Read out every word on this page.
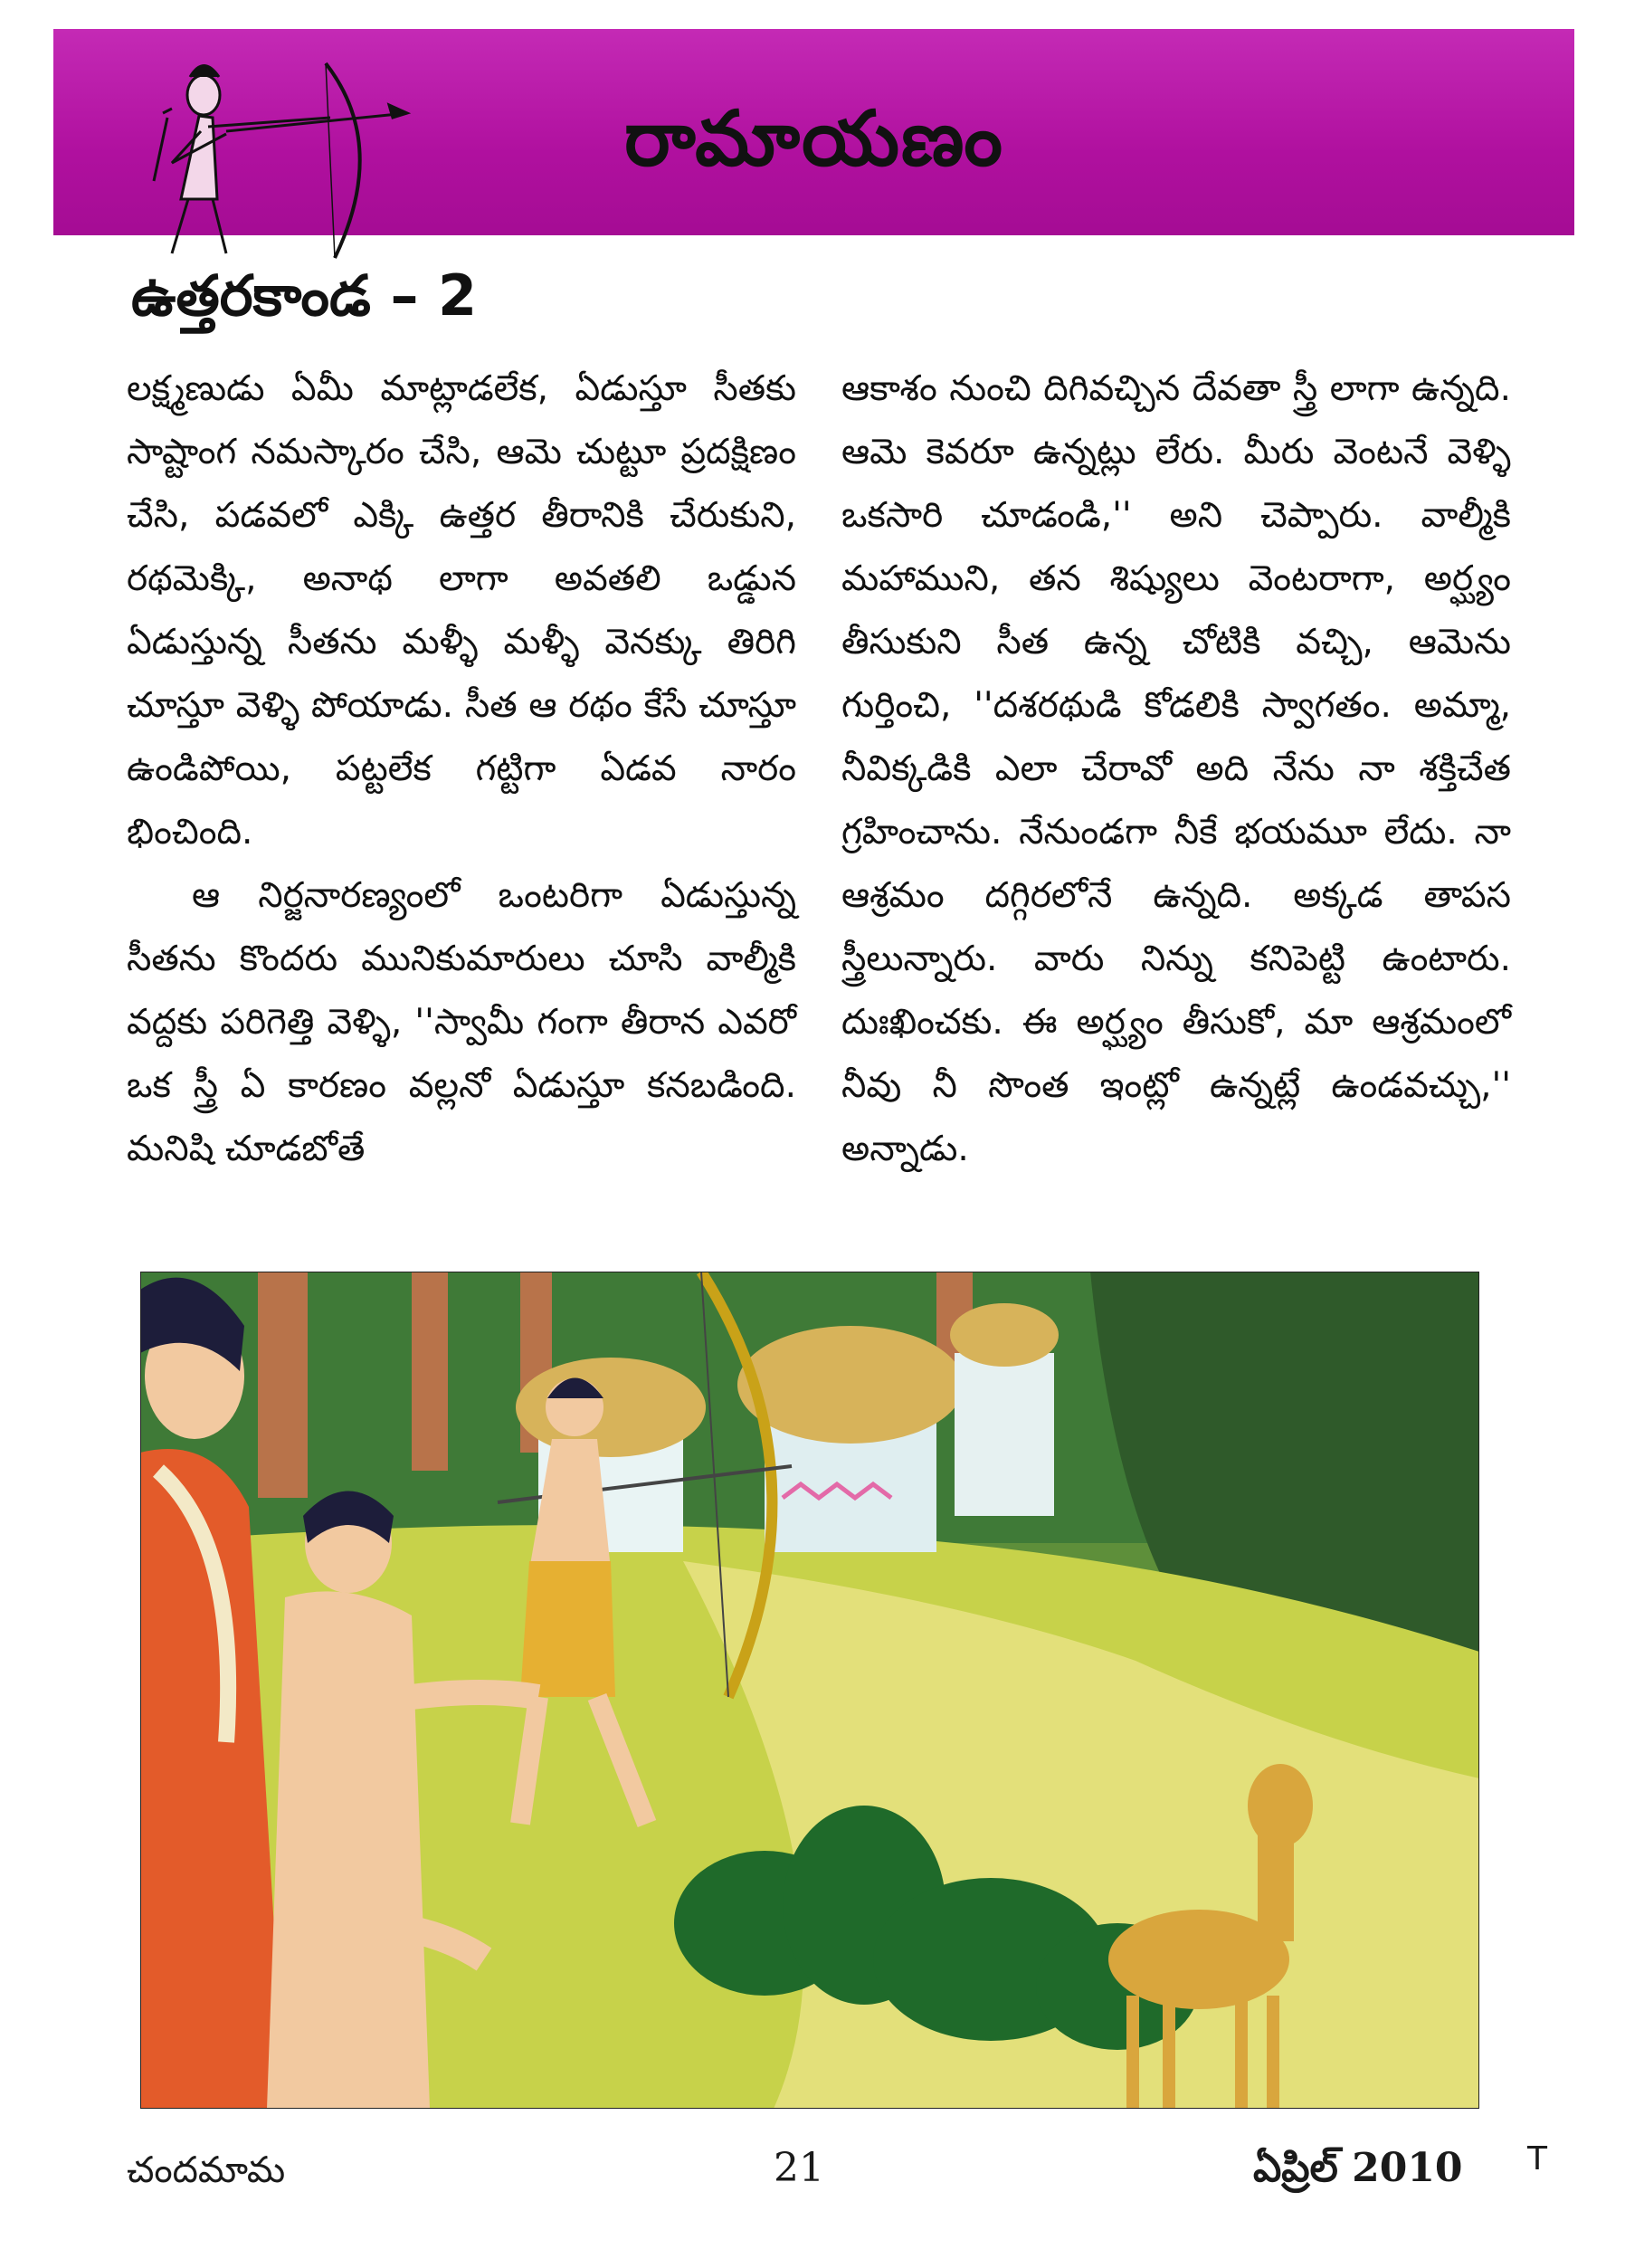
రామాయణం
ఉత్తరకాండ – 2

లక్ష్మణుడు ఏమీ మాట్లాడలేక, ఏడుస్తూ సీతకు సాష్టాంగ నమస్కారం చేసి, ఆమె చుట్టూ ప్రదక్షిణం చేసి, పడవలో ఎక్కి ఉత్తర తీరానికి చేరుకుని, రథమెక్కి, అనాథ లాగా అవతలి ఒడ్డున ఏడుస్తున్న సీతను మళ్ళీ మళ్ళీ వెనక్కు తిరిగి చూస్తూ వెళ్ళి పోయాడు. సీత ఆ రథం కేసే చూస్తూ ఉండిపోయి, పట్టలేక గట్టిగా ఏడవ నారం భించింది.

ఆ నిర్జనారణ్యంలో ఒంటరిగా ఏడుస్తున్న సీతను కొందరు మునికుమారులు చూసి వాల్మీకి వద్దకు పరిగెత్తి వెళ్ళి, ''స్వామీ గంగా తీరాన ఎవరో ఒక స్త్రీ ఏ కారణం వల్లనో ఏడుస్తూ కనబడింది. మనిషి చూడబోతే

ఆకాశం నుంచి దిగివచ్చిన దేవతా స్త్రీ లాగా ఉన్నది. ఆమె కెవరూ ఉన్నట్లు లేరు. మీరు వెంటనే వెళ్ళి ఒకసారి చూడండి,'' అని చెప్పారు. వాల్మీకి మహాముని, తన శిష్యులు వెంటరాగా, అర్ఘ్యం తీసుకుని సీత ఉన్న చోటికి వచ్చి, ఆమెను గుర్తించి, ''దశరథుడి కోడలికి స్వాగతం. అమ్మా, నీవిక్కడికి ఎలా చేరావో అది నేను నా శక్తిచేత గ్రహించాను. నేనుండగా నీకే భయమూ లేదు. నా ఆశ్రమం దగ్గిరలోనే ఉన్నది. అక్కడ తాపస స్త్రీలున్నారు. వారు నిన్ను కనిపెట్టి ఉంటారు. దుఃఖించకు. ఈ అర్ఘ్యం తీసుకో, మా ఆశ్రమంలో నీవు నీ సొంత ఇంట్లో ఉన్నట్లే ఉండవచ్చు,'' అన్నాడు.

చందమామ	21	ఏప్రిల్ 2010 T
